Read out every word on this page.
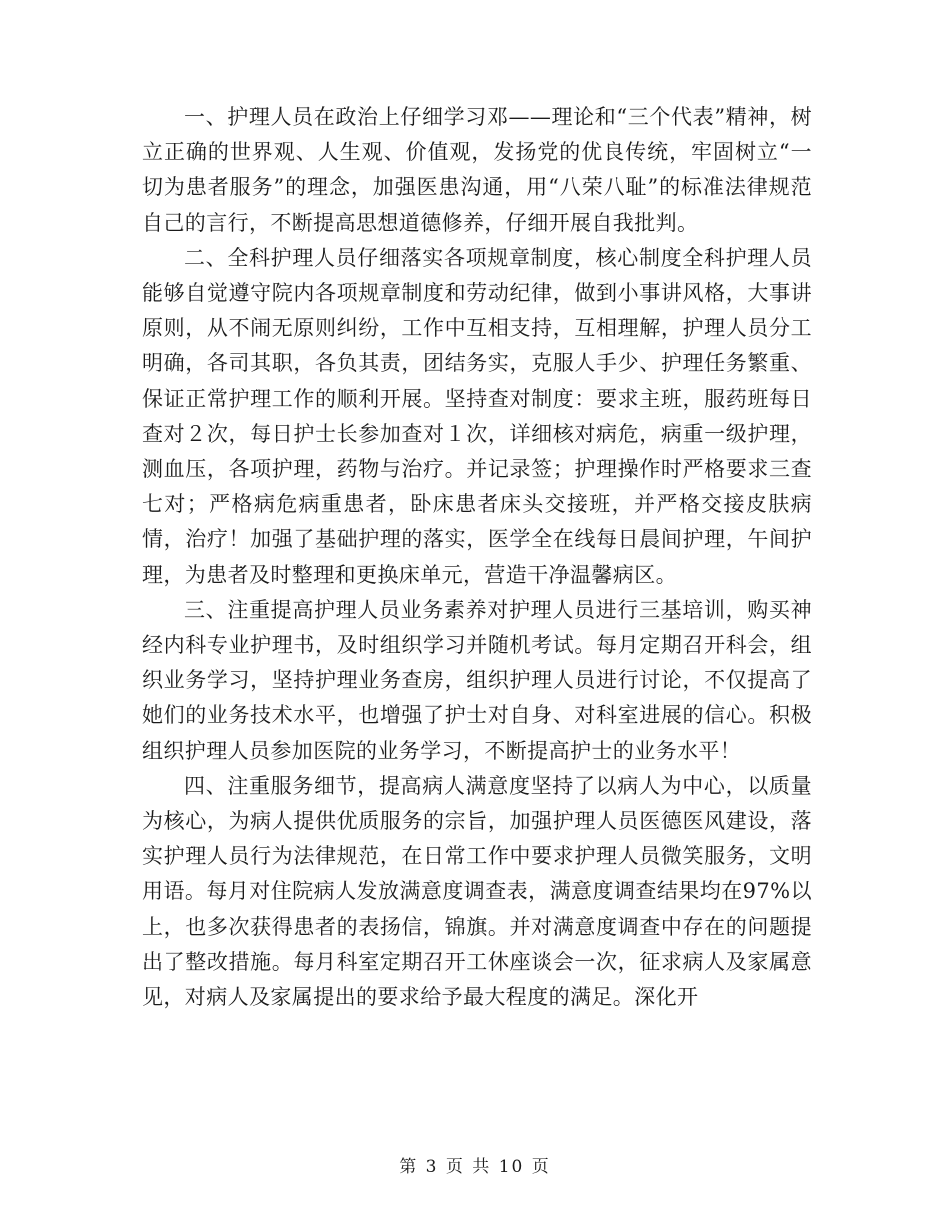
一、护理人员在政治上仔细学习邓——理论和“三个代表”精神，树立正确的世界观、人生观、价值观，发扬党的优良传统，牢固树立“一切为患者服务”的理念，加强医患沟通，用“八荣八耻”的标准法律规范自己的言行，不断提高思想道德修养，仔细开展自我批判。

二、全科护理人员仔细落实各项规章制度，核心制度全科护理人员能够自觉遵守院内各项规章制度和劳动纪律，做到小事讲风格，大事讲原则，从不闹无原则纠纷，工作中互相支持，互相理解，护理人员分工明确，各司其职，各负其责，团结务实，克服人手少、护理任务繁重、保证正常护理工作的顺利开展。坚持查对制度：要求主班，服药班每日查对２次，每日护士长参加查对１次，详细核对病危，病重一级护理，测血压，各项护理，药物与治疗。并记录签；护理操作时严格要求三查七对；严格病危病重患者，卧床患者床头交接班，并严格交接皮肤病情，治疗！加强了基础护理的落实，医学全在线每日晨间护理，午间护理，为患者及时整理和更换床单元，营造干净温馨病区。

三、注重提高护理人员业务素养对护理人员进行三基培训，购买神经内科专业护理书，及时组织学习并随机考试。每月定期召开科会，组织业务学习，坚持护理业务查房，组织护理人员进行讨论，不仅提高了她们的业务技术水平，也增强了护士对自身、对科室进展的信心。积极组织护理人员参加医院的业务学习，不断提高护士的业务水平！

四、注重服务细节，提高病人满意度坚持了以病人为中心，以质量为核心，为病人提供优质服务的宗旨，加强护理人员医德医风建设，落实护理人员行为法律规范，在日常工作中要求护理人员微笑服务，文明用语。每月对住院病人发放满意度调查表，满意度调查结果均在97%以上，也多次获得患者的表扬信，锦旗。并对满意度调查中存在的问题提出了整改措施。每月科室定期召开工休座谈会一次，征求病人及家属意见，对病人及家属提出的要求给予最大程度的满足。深化开

第 3 页 共 10 页
